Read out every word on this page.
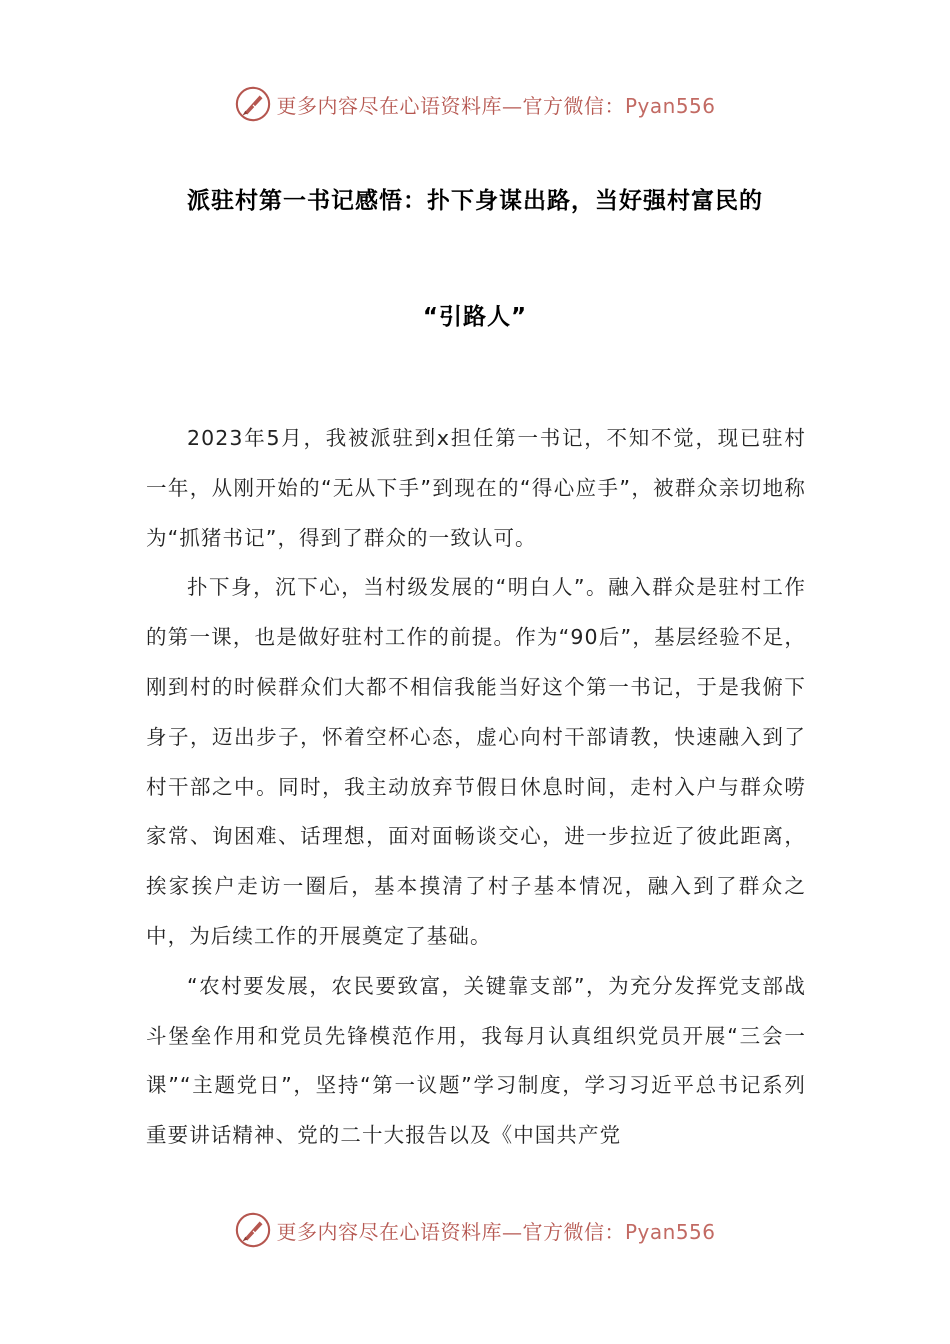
更多内容尽在心语资料库—官方微信：Pyan556
派驻村第一书记感悟：扑下身谋出路，当好强村富民的
“引路人”

2023年5月，我被派驻到x担任第一书记，不知不觉，现已驻村一年，从刚开始的“无从下手”到现在的“得心应手”，被群众亲切地称为“抓猪书记”，得到了群众的一致认可。

扑下身，沉下心，当村级发展的“明白人”。融入群众是驻村工作的第一课，也是做好驻村工作的前提。作为“90后”，基层经验不足，刚到村的时候群众们大都不相信我能当好这个第一书记，于是我俯下身子，迈出步子，怀着空杯心态，虚心向村干部请教，快速融入到了村干部之中。同时，我主动放弃节假日休息时间，走村入户与群众唠家常、询困难、话理想，面对面畅谈交心，进一步拉近了彼此距离，挨家挨户走访一圈后，基本摸清了村子基本情况，融入到了群众之中，为后续工作的开展奠定了基础。

“农村要发展，农民要致富，关键靠支部”，为充分发挥党支部战斗堡垒作用和党员先锋模范作用，我每月认真组织党员开展“三会一课”“主题党日”，坚持“第一议题”学习制度，学习习近平总书记系列重要讲话精神、党的二十大报告以及《中国共产党

更多内容尽在心语资料库—官方微信：Pyan556
